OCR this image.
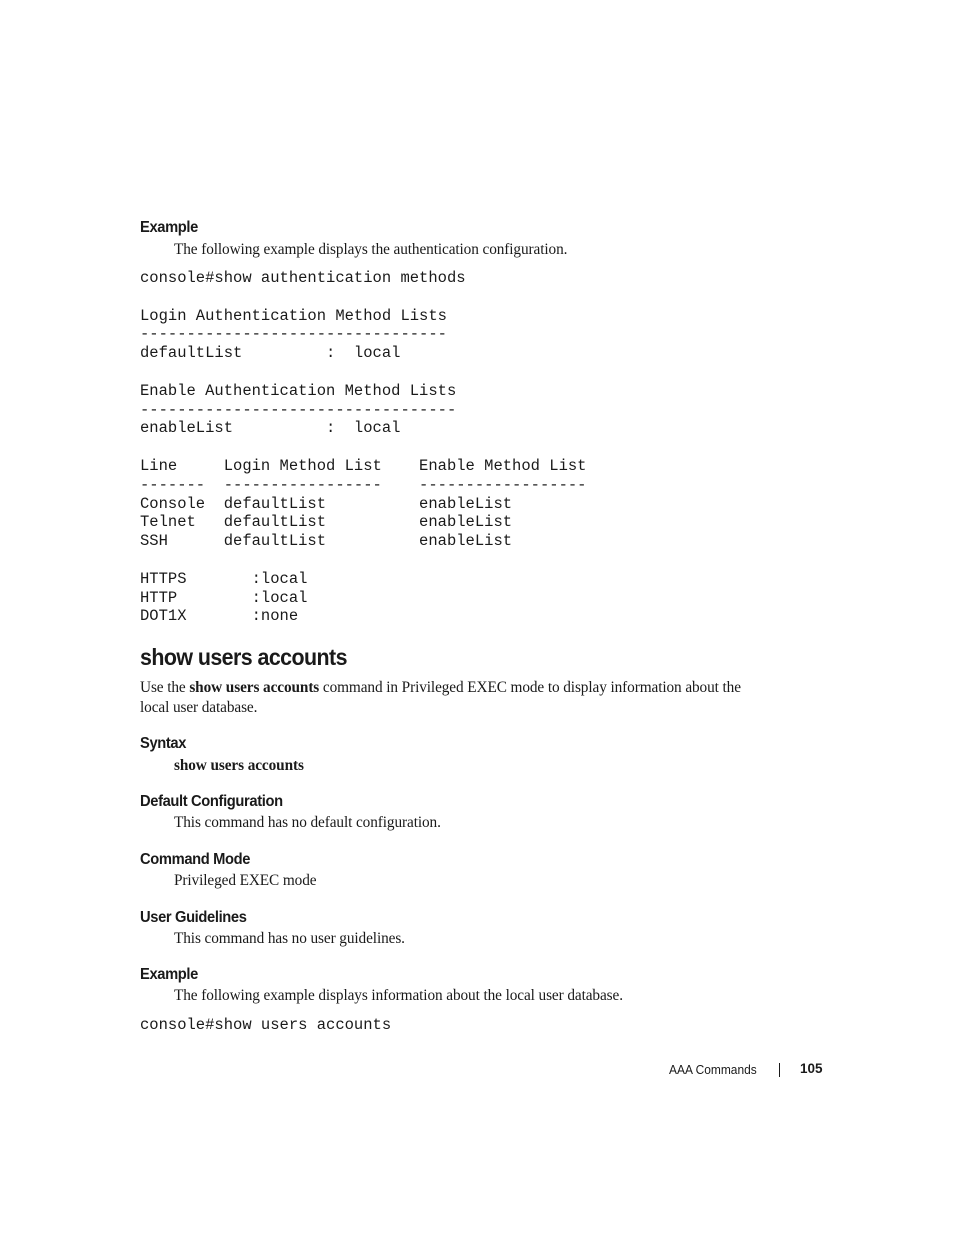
Example
The following example displays the authentication configuration.
console#show authentication methods

Login Authentication Method Lists
---------------------------------
defaultList         :  local

Enable Authentication Method Lists
----------------------------------
enableList          :  local

Line     Login Method List    Enable Method List
-------  -----------------    ------------------
Console  defaultList          enableList
Telnet   defaultList          enableList
SSH      defaultList          enableList

HTTPS       :local
HTTP        :local
DOT1X       :none
show users accounts
Use the show users accounts command in Privileged EXEC mode to display information about the
local user database.
Syntax
show users accounts
Default Configuration
This command has no default configuration.
Command Mode
Privileged EXEC mode
User Guidelines
This command has no user guidelines.
Example
The following example displays information about the local user database.
console#show users accounts
AAA Commands	105
